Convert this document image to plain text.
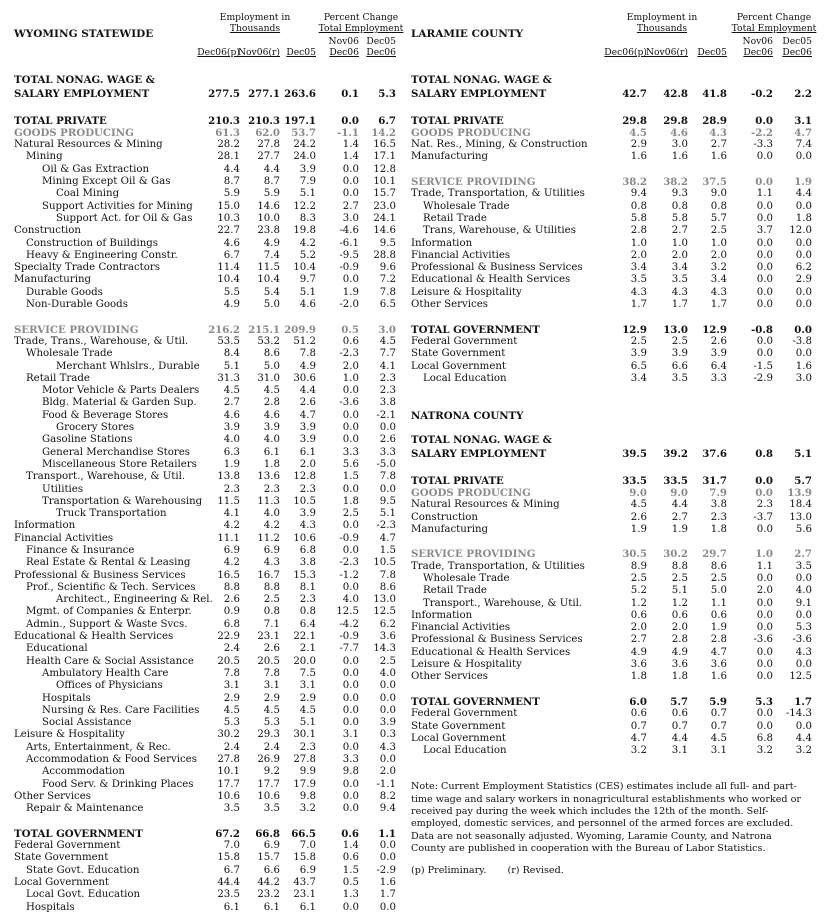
WYOMING STATEWIDE
Employment in
Thousands
Percent Change
Total Employment
Nov06 Dec05
Dec06(p)
Nov06(r) Dec05	Dec06 Dec06
TOTAL NONAG. WAGE &
SALARY EMPLOYMENT	277.5 277.1 263.6	0.1	5.3
TOTAL PRIVATE	210.3 210.3 197.1	0.0	6.7
GOODS PRODUCING	61.3	62.0	53.7	-1.1	14.2
Natural Resources & Mining	28.2	27.8	24.2	1.4	16.5
Mining	28.1	27.7	24.0	1.4	17.1
Oil & Gas Extraction	4.4	4.4	3.9	0.0	12.8
Mining Except Oil & Gas	8.7	8.7	7.9	0.0	10.1
Coal Mining	5.9	5.9	5.1	0.0	15.7
Support Activities for Mining	15.0	14.6	12.2	2.7	23.0
Support Act. for Oil & Gas	10.3	10.0	8.3	3.0	24.1
Construction	22.7	23.8	19.8	-4.6	14.6
Construction of Buildings	4.6	4.9	4.2	-6.1	9.5
Heavy & Engineering Constr.	6.7	7.4	5.2	-9.5	28.8
Specialty Trade Contractors	11.4	11.5	10.4	-0.9	9.6
Manufacturing	10.4	10.4	9.7	0.0	7.2
Durable Goods	5.5	5.4	5.1	1.9	7.8
Non-Durable Goods	4.9	5.0	4.6	-2.0	6.5
SERVICE PROVIDING	216.2 215.1 209.9	0.5	3.0
Trade, Trans., Warehouse, & Util.	53.5	53.2	51.2	0.6	4.5
Wholesale Trade	8.4	8.6	7.8	-2.3	7.7
Merchant Whlslrs., Durable	5.1	5.0	4.9	2.0	4.1
Retail Trade	31.3	31.0	30.6	1.0	2.3
Motor Vehicle & Parts Dealers	4.5	4.5	4.4	0.0	2.3
Bldg. Material & Garden Sup.	2.7	2.8	2.6	-3.6	3.8
Food & Beverage Stores	4.6	4.6	4.7	0.0	-2.1
Grocery Stores	3.9	3.9	3.9	0.0	0.0
Gasoline Stations	4.0	4.0	3.9	0.0	2.6
General Merchandise Stores	6.3	6.1	6.1	3.3	3.3
Miscellaneous Store Retailers	1.9	1.8	2.0	5.6	-5.0
Transport., Warehouse, & Util.	13.8	13.6	12.8	1.5	7.8
Utilities	2.3	2.3	2.3	0.0	0.0
Transportation & Warehousing	11.5	11.3	10.5	1.8	9.5
Truck Transportation	4.1	4.0	3.9	2.5	5.1
Information	4.2	4.2	4.3	0.0	-2.3
Financial Activities	11.1	11.2	10.6	-0.9	4.7
Finance & Insurance	6.9	6.9	6.8	0.0	1.5
Real Estate & Rental & Leasing	4.2	4.3	3.8	-2.3	10.5
Professional & Business Services	16.5	16.7	15.3	-1.2	7.8
Prof., Scientific & Tech. Services	8.8	8.8	8.1	0.0	8.6
Architect., Engineering & Rel.	2.6	2.5	2.3	4.0	13.0
Mgmt. of Companies & Enterpr.	0.9	0.8	0.8	12.5	12.5
Admin., Support & Waste Svcs.	6.8	7.1	6.4	-4.2	6.2
Educational & Health Services	22.9	23.1	22.1	-0.9	3.6
Educational	2.4	2.6	2.1	-7.7	14.3
Health Care & Social Assistance	20.5	20.5	20.0	0.0	2.5
Ambulatory Health Care	7.8	7.8	7.5	0.0	4.0
Offices of Physicians	3.1	3.1	3.1	0.0	0.0
Hospitals	2.9	2.9	2.9	0.0	0.0
Nursing & Res. Care Facilities	4.5	4.5	4.5	0.0	0.0
Social Assistance	5.3	5.3	5.1	0.0	3.9
Leisure & Hospitality	30.2	29.3	30.1	3.1	0.3
Arts, Entertainment, & Rec.	2.4	2.4	2.3	0.0	4.3
Accommodation & Food Services	27.8	26.9	27.8	3.3	0.0
Accommodation	10.1	9.2	9.9	9.8	2.0
Food Serv. & Drinking Places	17.7	17.7	17.9	0.0	-1.1
Other Services	10.6	10.6	9.8	0.0	8.2
Repair & Maintenance	3.5	3.5	3.2	0.0	9.4
TOTAL GOVERNMENT	67.2	66.8	66.5	0.6	1.1
Federal Government	7.0	6.9	7.0	1.4	0.0
State Government	15.8	15.7	15.8	0.6	0.0
State Govt. Education	6.7	6.6	6.9	1.5	-2.9
Local Government	44.4	44.2	43.7	0.5	1.6
Local Govt. Education	23.5	23.2	23.1	1.3	1.7
Hospitals	6.1	6.1	6.1	0.0	0.0
LARAMIE COUNTY
Employment in
Thousands
Percent Change
Total Employment
Nov06	Dec05
Dec06(p)
Nov06(r)	Dec05	Dec06	Dec06
TOTAL NONAG. WAGE &
SALARY EMPLOYMENT	42.7	42.8	41.8	-0.2	2.2
TOTAL PRIVATE	29.8	29.8	28.9	0.0	3.1
GOODS PRODUCING	4.5	4.6	4.3	-2.2	4.7
Nat. Res., Mining, & Construction	2.9	3.0	2.7	-3.3	7.4
Manufacturing	1.6	1.6	1.6	0.0	0.0
SERVICE PROVIDING	38.2	38.2	37.5	0.0	1.9
Trade, Transportation, & Utilities	9.4	9.3	9.0	1.1	4.4
Wholesale Trade	0.8	0.8	0.8	0.0	0.0
Retail Trade	5.8	5.8	5.7	0.0	1.8
Trans, Warehouse, & Utilities	2.8	2.7	2.5	3.7	12.0
Information	1.0	1.0	1.0	0.0	0.0
Financial Activities	2.0	2.0	2.0	0.0	0.0
Professional & Business Services	3.4	3.4	3.2	0.0	6.2
Educational & Health Services	3.5	3.5	3.4	0.0	2.9
Leisure & Hospitality	4.3	4.3	4.3	0.0	0.0
Other Services	1.7	1.7	1.7	0.0	0.0
TOTAL GOVERNMENT	12.9	13.0	12.9	-0.8	0.0
Federal Government	2.5	2.5	2.6	0.0	-3.8
State Government	3.9	3.9	3.9	0.0	0.0
Local Government	6.5	6.6	6.4	-1.5	1.6
Local Education	3.4	3.5	3.3	-2.9	3.0
NATRONA COUNTY
TOTAL NONAG. WAGE &
SALARY EMPLOYMENT	39.5	39.2	37.6	0.8	5.1
TOTAL PRIVATE	33.5	33.5	31.7	0.0	5.7
GOODS PRODUCING	9.0	9.0	7.9	0.0	13.9
Natural Resources & Mining	4.5	4.4	3.8	2.3	18.4
Construction	2.6	2.7	2.3	-3.7	13.0
Manufacturing	1.9	1.9	1.8	0.0	5.6
SERVICE PROVIDING	30.5	30.2	29.7	1.0	2.7
Trade, Transportation, & Utilities	8.9	8.8	8.6	1.1	3.5
Wholesale Trade	2.5	2.5	2.5	0.0	0.0
Retail Trade	5.2	5.1	5.0	2.0	4.0
Transport., Warehouse, & Util.	1.2	1.2	1.1	0.0	9.1
Information	0.6	0.6	0.6	0.0	0.0
Financial Activities	2.0	2.0	1.9	0.0	5.3
Professional & Business Services	2.7	2.8	2.8	-3.6	-3.6
Educational & Health Services	4.9	4.9	4.7	0.0	4.3
Leisure & Hospitality	3.6	3.6	3.6	0.0	0.0
Other Services	1.8	1.8	1.6	0.0	12.5
TOTAL GOVERNMENT	6.0	5.7	5.9	5.3	1.7
Federal Government	0.6	0.6	0.7	0.0	-14.3
State Government	0.7	0.7	0.7	0.0	0.0
Local Government	4.7	4.4	4.5	6.8	4.4
Local Education	3.2	3.1	3.1	3.2	3.2
Note: Current Employment Statistics (CES) estimates include all full- and part-time wage and salary workers in nonagricultural establishments who worked or received pay during the week which includes the 12th of the month. Self-employed, domestic services, and personnel of the armed forces are excluded. Data are not seasonally adjusted. Wyoming, Laramie County, and Natrona County are published in cooperation with the Bureau of Labor Statistics.
(p) Preliminary. (r) Revised.
